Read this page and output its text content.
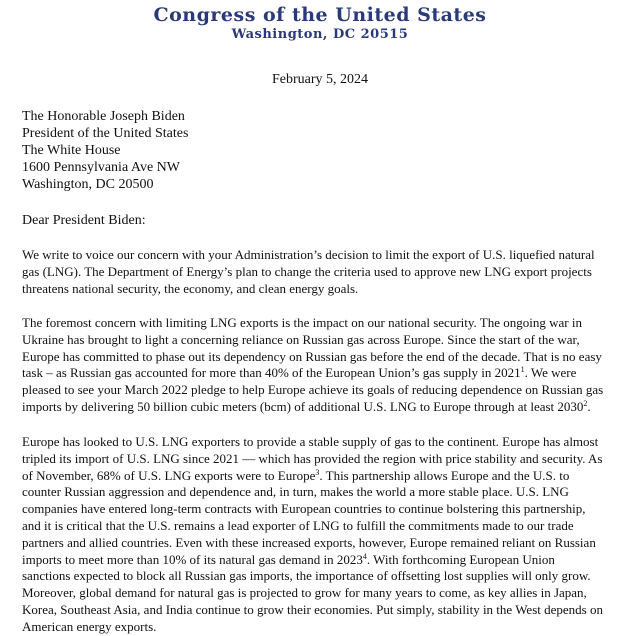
Congress of the United States
Washington, DC 20515
February 5, 2024
The Honorable Joseph Biden
President of the United States
The White House
1600 Pennsylvania Ave NW
Washington, DC 20500
Dear President Biden:
We write to voice our concern with your Administration’s decision to limit the export of U.S. liquefied natural
gas (LNG). The Department of Energy’s plan to change the criteria used to approve new LNG export projects
threatens national security, the economy, and clean energy goals.
The foremost concern with limiting LNG exports is the impact on our national security. The ongoing war in
Ukraine has brought to light a concerning reliance on Russian gas across Europe. Since the start of the war,
Europe has committed to phase out its dependency on Russian gas before the end of the decade. That is no easy
task – as Russian gas accounted for more than 40% of the European Union’s gas supply in 2021$^1$. We were
pleased to see your March 2022 pledge to help Europe achieve its goals of reducing dependence on Russian gas
imports by delivering 50 billion cubic meters (bcm) of additional U.S. LNG to Europe through at least 2030$^2$.
Europe has looked to U.S. LNG exporters to provide a stable supply of gas to the continent. Europe has almost
tripled its import of U.S. LNG since 2021 — which has provided the region with price stability and security. As
of November, 68% of U.S. LNG exports were to Europe$^3$. This partnership allows Europe and the U.S. to
counter Russian aggression and dependence and, in turn, makes the world a more stable place. U.S. LNG
companies have entered long-term contracts with European countries to continue bolstering this partnership,
and it is critical that the U.S. remains a lead exporter of LNG to fulfill the commitments made to our trade
partners and allied countries. Even with these increased exports, however, Europe remained reliant on Russian
imports to meet more than 10% of its natural gas demand in 2023$^4$. With forthcoming European Union
sanctions expected to block all Russian gas imports, the importance of offsetting lost supplies will only grow.
Moreover, global demand for natural gas is projected to grow for many years to come, as key allies in Japan,
Korea, Southeast Asia, and India continue to grow their economies. Put simply, stability in the West depends on
American energy exports.
